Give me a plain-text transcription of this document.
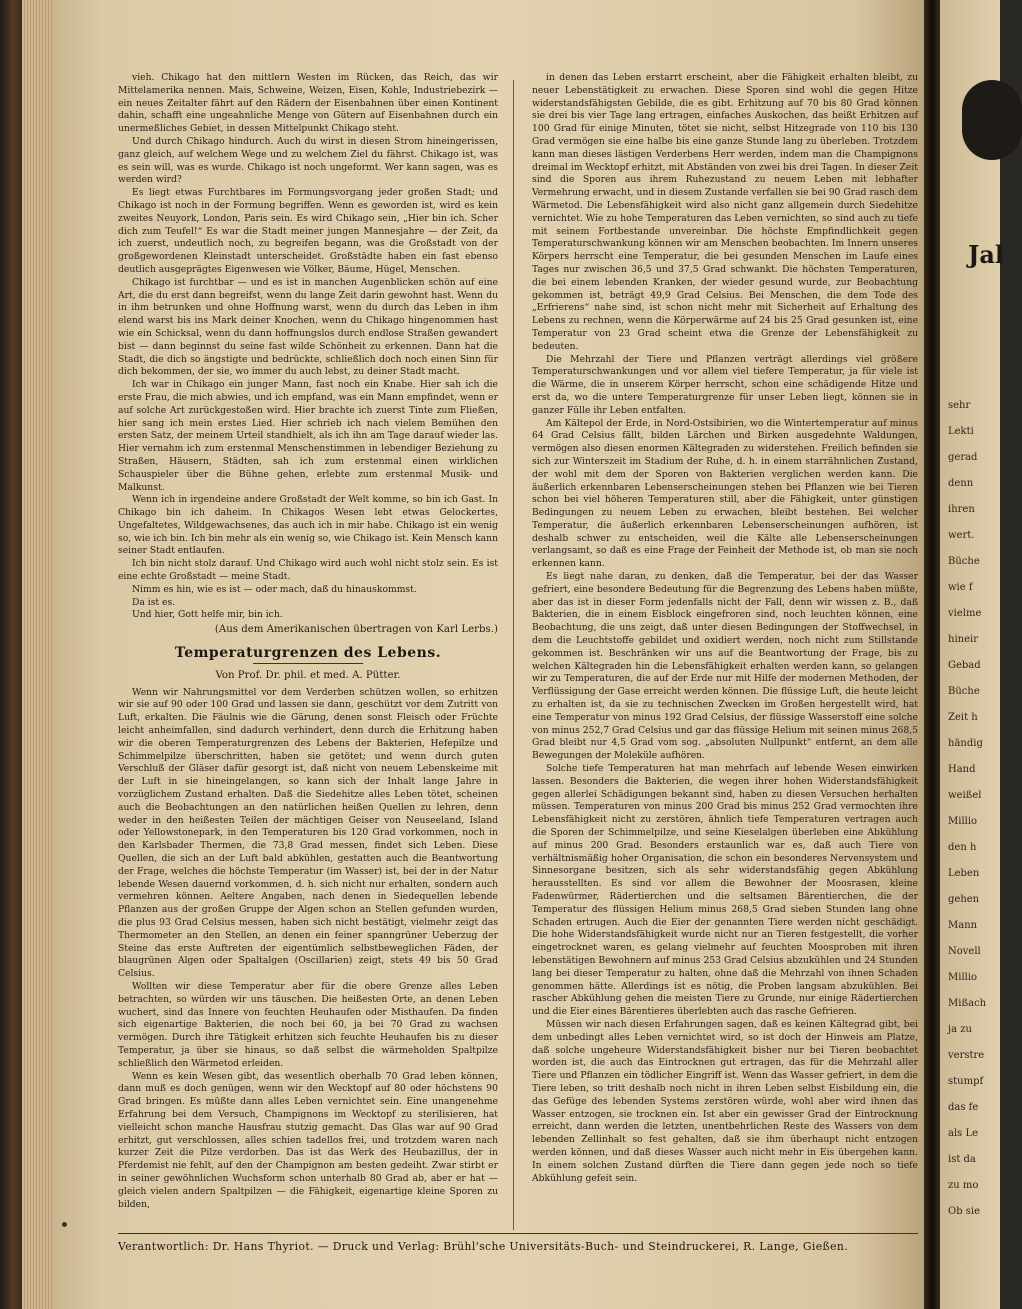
vieh. Chikago hat den mittlern Westen im Rücken, das Reich, das wir Mittelamerika nennen. Mais, Schweine, Weizen, Eisen, Kohle, Industriebezirk — ein neues Zeitalter fährt auf den Rädern der Eisenbahnen über einen Kontinent dahin, schafft eine ungeahnliche Menge von Gütern auf Eisenbahnen durch ein unermeßliches Gebiet, in dessen Mittelpunkt Chikago steht.

Und durch Chikago hindurch. Auch du wirst in diesen Strom hineingerissen, ganz gleich, auf welchem Wege und zu welchem Ziel du fährst. Chikago ist, was es sein will, was es wurde. Chikago ist noch ungeformt. Wer kann sagen, was es werden wird?

Es liegt etwas Furchtbares im Formungsvorgang jeder großen Stadt; und Chikago ist noch in der Formung begriffen. Wenn es geworden ist, wird es kein zweites Neuyork, London, Paris sein. Es wird Chikago sein, „Hier bin ich. Scher dich zum Teufel!“ Es war die Stadt meiner jungen Mannesjahre — der Zeit, da ich zuerst, undeutlich noch, zu begreifen begann, was die Großstadt von der großgewordenen Kleinstadt unterscheidet. Großstädte haben ein fast ebenso deutlich ausgeprägtes Eigenwesen wie Völker, Bäume, Hügel, Menschen.

Chikago ist furchtbar — und es ist in manchen Augenblicken schön auf eine Art, die du erst dann begreifst, wenn du lange Zeit darin gewohnt hast. Wenn du in ihm betrunken und ohne Hoffnung warst, wenn du durch das Leben in ihm elend warst bis ins Mark deiner Knochen, wenn du Chikago hingenommen hast wie ein Schicksal, wenn du dann hoffnungslos durch endlose Straßen gewandert bist — dann beginnst du seine fast wilde Schönheit zu erkennen. Dann hat die Stadt, die dich so ängstigte und bedrückte, schließlich doch noch einen Sinn für dich bekommen, der sie, wo immer du auch lebst, zu deiner Stadt macht.

Ich war in Chikago ein junger Mann, fast noch ein Knabe. Hier sah ich die erste Frau, die mich abwies, und ich empfand, was ein Mann empfindet, wenn er auf solche Art zurückgestoßen wird. Hier brachte ich zuerst Tinte zum Fließen, hier sang ich mein erstes Lied. Hier schrieb ich nach vielem Bemühen den ersten Satz, der meinem Urteil standhielt, als ich ihn am Tage darauf wieder las. Hier vernahm ich zum erstenmal Menschenstimmen in lebendiger Beziehung zu Straßen, Häusern, Städten, sah ich zum erstenmal einen wirklichen Schauspieler über die Bühne gehen, erlebte zum erstenmal Musik- und Malkunst.

Wenn ich in irgendeine andere Großstadt der Welt komme, so bin ich Gast. In Chikago bin ich daheim. In Chikagos Wesen lebt etwas Gelockertes, Ungefaltetes, Wildgewachsenes, das auch ich in mir habe. Chikago ist ein wenig so, wie ich bin. Ich bin mehr als ein wenig so, wie Chikago ist. Kein Mensch kann seiner Stadt entlaufen.

Ich bin nicht stolz darauf. Und Chikago wird auch wohl nicht stolz sein. Es ist eine echte Großstadt — meine Stadt.

Nimm es hin, wie es ist — oder mach, daß du hinauskommst.

Da ist es.

Und hier, Gott helfe mir, bin ich.

(Aus dem Amerikanischen übertragen von Karl Lerbs.)
Temperaturgrenzen des Lebens.
Von Prof. Dr. phil. et med. A. Pütter.

Wenn wir Nahrungsmittel vor dem Verderben schützen wollen, so erhitzen wir sie auf 90 oder 100 Grad und lassen sie dann, geschützt vor dem Zutritt von Luft, erkalten. Die Fäulnis wie die Gärung, denen sonst Fleisch oder Früchte leicht anheimfallen, sind dadurch verhindert, denn durch die Erhitzung haben wir die oberen Temperaturgrenzen des Lebens der Bakterien, Hefepilze und Schimmelpilze überschritten, haben sie getötet; und wenn durch guten Verschluß der Gläser dafür gesorgt ist, daß nicht von neuem Lebenskeime mit der Luft in sie hineingelangen, so kann sich der Inhalt lange Jahre in vorzüglichem Zustand erhalten. Daß die Siedehitze alles Leben tötet, scheinen auch die Beobachtungen an den natürlichen heißen Quellen zu lehren, denn weder in den heißesten Teilen der mächtigen Geiser von Neuseeland, Island oder Yellowstonepark, in den Temperaturen bis 120 Grad vorkommen, noch in den Karlsbader Thermen, die 73,8 Grad messen, findet sich Leben. Diese Quellen, die sich an der Luft bald abkühlen, gestatten auch die Beantwortung der Frage, welches die höchste Temperatur (im Wasser) ist, bei der in der Natur lebende Wesen dauernd vorkommen, d. h. sich nicht nur erhalten, sondern auch vermehren können. Aeltere Angaben, nach denen in Siedequellen lebende Pflanzen aus der großen Gruppe der Algen schon an Stellen gefunden wurden, die plus 93 Grad Celsius messen, haben sich nicht bestätigt, vielmehr zeigt das Thermometer an den Stellen, an denen ein feiner spanngrüner Ueberzug der Steine das erste Auftreten der eigentümlich selbstbeweglichen Fäden, der blaugrünen Algen oder Spaltalgen (Oscillarien) zeigt, stets 49 bis 50 Grad Celsius.

Wollten wir diese Temperatur aber für die obere Grenze alles Leben betrachten, so würden wir uns täuschen. Die heißesten Orte, an denen Leben wuchert, sind das Innere von feuchten Heuhaufen oder Misthaufen. Da finden sich eigenartige Bakterien, die noch bei 60, ja bei 70 Grad zu wachsen vermögen. Durch ihre Tätigkeit erhitzen sich feuchte Heuhaufen bis zu dieser Temperatur, ja über sie hinaus, so daß selbst die wärmeholden Spaltpilze schließlich den Wärmetod erleiden.

Wenn es kein Wesen gibt, das wesentlich oberhalb 70 Grad leben können, dann muß es doch genügen, wenn wir den Wecktopf auf 80 oder höchstens 90 Grad bringen. Es müßte dann alles Leben vernichtet sein. Eine unangenehme Erfahrung bei dem Versuch, Champignons im Wecktopf zu sterilisieren, hat vielleicht schon manche Hausfrau stutzig gemacht. Das Glas war auf 90 Grad erhitzt, gut verschlossen, alles schien tadellos frei, und trotzdem waren nach kurzer Zeit die Pilze verdorben. Das ist das Werk des Heubazillus, der in Pferdemist nie fehlt, auf den der Champignon am besten gedeiht. Zwar stirbt er in seiner gewöhnlichen Wuchsform schon unterhalb 80 Grad ab, aber er hat — gleich vielen andern Spaltpilzen — die Fähigkeit, eigenartige kleine Sporen zu bilden,

in denen das Leben erstarrt erscheint, aber die Fähigkeit erhalten bleibt, zu neuer Lebenstätigkeit zu erwachen. Diese Sporen sind wohl die gegen Hitze widerstandsfähigsten Gebilde, die es gibt. Erhitzung auf 70 bis 80 Grad können sie drei bis vier Tage lang ertragen, einfaches Auskochen, das heißt Erhitzen auf 100 Grad für einige Minuten, tötet sie nicht, selbst Hitzegrade von 110 bis 130 Grad vermögen sie eine halbe bis eine ganze Stunde lang zu überleben. Trotzdem kann man dieses lästigen Verderbens Herr werden, indem man die Champignons dreimal im Wecktopf erhitzt, mit Abständen von zwei bis drei Tagen. In dieser Zeit sind die Sporen aus ihrem Ruhezustand zu neuem Leben mit lebhafter Vermehrung erwacht, und in diesem Zustande verfallen sie bei 90 Grad rasch dem Wärmetod. Die Lebensfähigkeit wird also nicht ganz allgemein durch Siedehitze vernichtet. Wie zu hohe Temperaturen das Leben vernichten, so sind auch zu tiefe mit seinem Fortbestande unvereinbar. Die höchste Empfindlichkeit gegen Temperaturschwankung können wir am Menschen beobachten. Im Innern unseres Körpers herrscht eine Temperatur, die bei gesunden Menschen im Laufe eines Tages nur zwischen 36,5 und 37,5 Grad schwankt. Die höchsten Temperaturen, die bei einem lebenden Kranken, der wieder gesund wurde, zur Beobachtung gekommen ist, beträgt 49,9 Grad Celsius. Bei Menschen, die dem Tode des „Erfrierens“ nahe sind, ist schon nicht mehr mit Sicherheit auf Erhaltung des Lebens zu rechnen, wenn die Körperwärme auf 24 bis 25 Grad gesunken ist, eine Temperatur von 23 Grad scheint etwa die Grenze der Lebensfähigkeit zu bedeuten.

Die Mehrzahl der Tiere und Pflanzen verträgt allerdings viel größere Temperaturschwankungen und vor allem viel tiefere Temperatur, ja für viele ist die Wärme, die in unserem Körper herrscht, schon eine schädigende Hitze und erst da, wo die untere Temperaturgrenze für unser Leben liegt, können sie in ganzer Fülle ihr Leben entfalten.

Am Kältepol der Erde, in Nord-Ostsibirien, wo die Wintertemperatur auf minus 64 Grad Celsius fällt, bilden Lärchen und Birken ausgedehnte Waldungen, vermögen also diesen enormen Kältegraden zu widerstehen. Freilich befinden sie sich zur Winterszeit im Stadium der Ruhe, d. h. in einem starrähnlichen Zustand, der wohl mit dem der Sporen von Bakterien verglichen werden kann. Die äußerlich erkennbaren Lebenserscheinungen stehen bei Pflanzen wie bei Tieren schon bei viel höheren Temperaturen still, aber die Fähigkeit, unter günstigen Bedingungen zu neuem Leben zu erwachen, bleibt bestehen. Bei welcher Temperatur, die äußerlich erkennbaren Lebenserscheinungen aufhören, ist deshalb schwer zu entscheiden, weil die Kälte alle Lebenserscheinungen verlangsamt, so daß es eine Frage der Feinheit der Methode ist, ob man sie noch erkennen kann.

Es liegt nahe daran, zu denken, daß die Temperatur, bei der das Wasser gefriert, eine besondere Bedeutung für die Begrenzung des Lebens haben müßte, aber das ist in dieser Form jedenfalls nicht der Fall, denn wir wissen z. B., daß Bakterien, die in einem Eisblock eingefroren sind, noch leuchten können, eine Beobachtung, die uns zeigt, daß unter diesen Bedingungen der Stoffwechsel, in dem die Leuchtstoffe gebildet und oxidiert werden, noch nicht zum Stillstande gekommen ist. Beschränken wir uns auf die Beantwortung der Frage, bis zu welchen Kältegraden hin die Lebensfähigkeit erhalten werden kann, so gelangen wir zu Temperaturen, die auf der Erde nur mit Hilfe der modernen Methoden, der Verflüssigung der Gase erreicht werden können. Die flüssige Luft, die heute leicht zu erhalten ist, da sie zu technischen Zwecken im Großen hergestellt wird, hat eine Temperatur von minus 192 Grad Celsius, der flüssige Wasserstoff eine solche von minus 252,7 Grad Celsius und gar das flüssige Helium mit seinen minus 268,5 Grad bleibt nur 4,5 Grad vom sog. „absoluten Nullpunkt“ entfernt, an dem alle Bewegungen der Moleküle aufhören.

Solche tiefe Temperaturen hat man mehrfach auf lebende Wesen einwirken lassen. Besonders die Bakterien, die wegen ihrer hohen Widerstandsfähigkeit gegen allerlei Schädigungen bekannt sind, haben zu diesen Versuchen herhalten müssen. Temperaturen von minus 200 Grad bis minus 252 Grad vermochten ihre Lebensfähigkeit nicht zu zerstören, ähnlich tiefe Temperaturen vertragen auch die Sporen der Schimmelpilze, und seine Kieselalgen überleben eine Abkühlung auf minus 200 Grad. Besonders erstaunlich war es, daß auch Tiere von verhältnismäßig hoher Organisation, die schon ein besonderes Nervensystem und Sinnesorgane besitzen, sich als sehr widerstandsfähig gegen Abkühlung herausstellten. Es sind vor allem die Bewohner der Moosrasen, kleine Fadenwürmer, Rädertierchen und die seltsamen Bärentierchen, die der Temperatur des flüssigen Helium minus 268,5 Grad sieben Stunden lang ohne Schaden ertrugen. Auch die Eier der genannten Tiere werden nicht geschädigt. Die hohe Widerstandsfähigkeit wurde nicht nur an Tieren festgestellt, die vorher eingetrocknet waren, es gelang vielmehr auf feuchten Moosproben mit ihren lebenstätigen Bewohnern auf minus 253 Grad Celsius abzukühlen und 24 Stunden lang bei dieser Temperatur zu halten, ohne daß die Mehrzahl von ihnen Schaden genommen hätte. Allerdings ist es nötig, die Proben langsam abzukühlen. Bei rascher Abkühlung gehen die meisten Tiere zu Grunde, nur einige Rädertierchen und die Eier eines Bärentieres überlebten auch das rasche Gefrieren.

Müssen wir nach diesen Erfahrungen sagen, daß es keinen Kältegrad gibt, bei dem unbedingt alles Leben vernichtet wird, so ist doch der Hinweis am Platze, daß solche ungeheure Widerstandsfähigkeit bisher nur bei Tieren beobachtet worden ist, die auch das Eintrocknen gut ertragen, das für die Mehrzahl aller Tiere und Pflanzen ein tödlicher Eingriff ist. Wenn das Wasser gefriert, in dem die Tiere leben, so tritt deshalb noch nicht in ihren Leben selbst Eisbildung ein, die das Gefüge des lebenden Systems zerstören würde, wohl aber wird ihnen das Wasser entzogen, sie trocknen ein. Ist aber ein gewisser Grad der Eintrocknung erreicht, dann werden die letzten, unentbehrlichen Reste des Wassers von dem lebenden Zellinhalt so fest gehalten, daß sie ihm überhaupt nicht entzogen werden können, und daß dieses Wasser auch nicht mehr in Eis übergehen kann. In einem solchen Zustand dürften die Tiere dann gegen jede noch so tiefe Abkühlung gefeit sein.

Verantwortlich: Dr. Hans Thyriot. — Druck und Verlag: Brühl'sche Universitäts-Buch- und Steindruckerei, R. Lange, Gießen.
Jal
sehr
Lekti
gerad
denn
ihren
wert.
Büche
wie f
vielme
hineir
Gebad
Büche
Zeit h
händig
Hand
weißel
Millio
den h
Leben
gehen
Mann
Novell
Millio
Mißach
ja zu
verstre
stumpf
das fe
als Le
ist da
zu mo
Ob sie
